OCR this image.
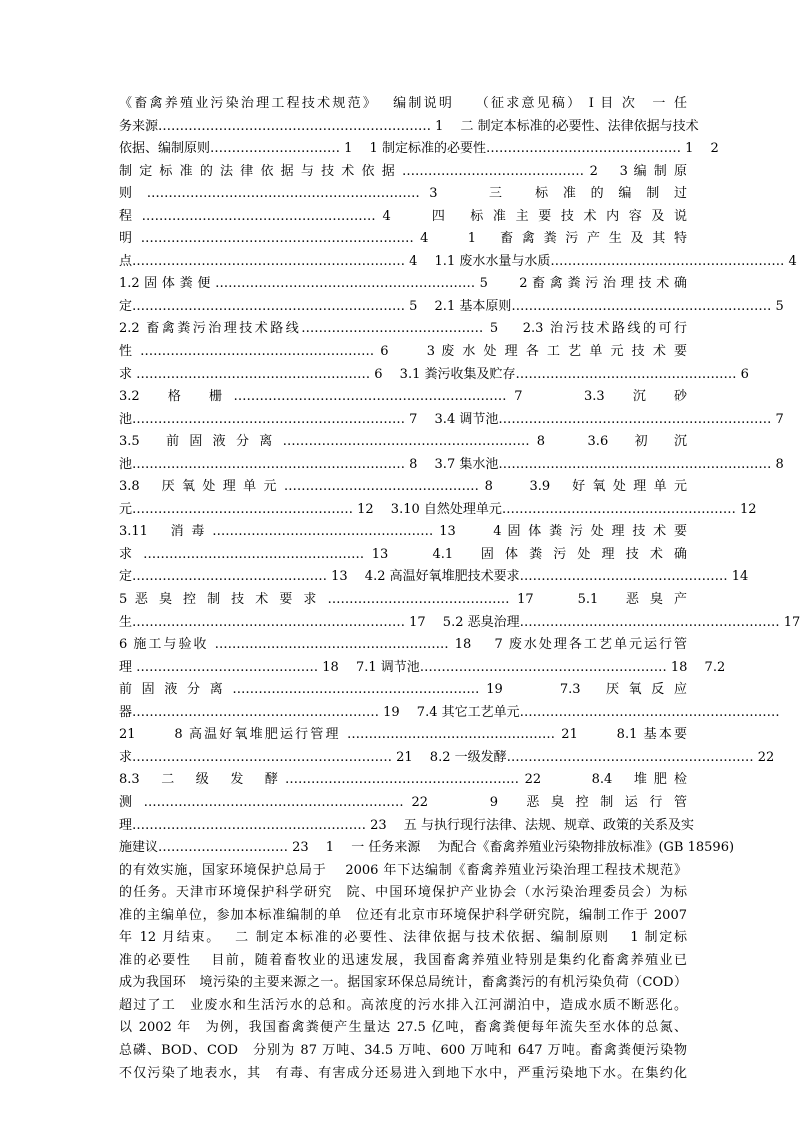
《畜禽养殖业污染治理工程技术规范》　 编制说明　 （征求意见稿） I 目 次　一 任
务来源……………………………………………………… 1　 二 制定本标准的必要性、法律依据与技术
依据、编制原则………………………… 1　 1 制定标准的必要性……………………………………… 1　 2
制 定 标 准 的 法 律 依 据 与 技 术 依 据 …………………………………… 2　 3 编 制 原
则 ……………………………………………………… 3　　 三　 标 准 的 编 制 过
程 ……………………………………………… 4　　 四　 标 准 主 要 技 术 内 容 及 说
明 ……………………………………………………… 4　　 1　 畜 禽 粪 污 产 生 及 其 特
点……………………………………………………… 4　 1.1 废水水量与水质……………………………………………… 4
1.2 固 体 粪 便 …………………………………………………… 5　　 2 畜 禽 粪 污 治 理 技 术 确
定……………………………………………………… 5　 2.1 基本原则…………………………………………………… 5
2.2 畜禽粪污治理技术路线…………………………………… 5　 2.3 治污技术路线的可行
性 ……………………………………………… 6　　 3 废 水 处 理 各 工 艺 单 元 技 术 要
求 ……………………………………………… 6　 3.1 粪污收集及贮存…………………………………………… 6
3.2　 格　 栅 ……………………………………………………… 7　　　 3.3　 沉　 砂
池……………………………………………………… 7　 3.4 调节池……………………………………………………… 7
3.5　 前 固 液 分 离 ………………………………………………… 8　　 3.6　 初　 沉
池……………………………………………………… 8　 3.7 集水池……………………………………………………… 8
3.8　 厌 氧 处 理 单 元 ……………………………………… 8　　 3.9　 好 氧 处 理 单 元
元…………………………………………… 12　 3.10 自然处理单元……………………………………………… 12
3.11　 消 毒 …………………………………………… 13　　 4 固 体 粪 污 处 理 技 术 要
求 …………………………………………… 13　　 4.1　 固 体 粪 污 处 理 技 术 确
定……………………………………… 13　 4.2 高温好氧堆肥技术要求………………………………………… 14
5 恶 臭 控 制 技 术 要 求 …………………………………… 17　　 5.1　 恶 臭 产
生……………………………………………………… 17　 5.2 恶臭治理…………………………………………………… 17
6 施工与验收 ……………………………………………… 18　 7 废水处理各工艺单元运行管
理 …………………………………… 18　 7.1 调节池………………………………………………… 18　 7.2
前 固 液 分 离 ………………………………………………… 19　　　 7.3　 厌 氧 反 应
器………………………………………………… 19　 7.4 其它工艺单元……………………………………………………
21　　 8 高温好氧堆肥运行管理 ………………………………………… 21　　 8.1 基本要
求…………………………………………………… 21　 8.2 一级发酵………………………………………………… 22
8.3　 二　 级　 发　 酵 ……………………………………………… 22　　　 8.4　 堆 肥 检
测 …………………………………………………… 22　　　 9　 恶 臭 控 制 运 行 管
理……………………………………………… 23　 五 与执行现行法律、法规、规章、政策的关系及实
施建议………………………… 23　 1　 一 任务来源　 为配合《畜禽养殖业污染物排放标准》(GB 18596)
的有效实施，国家环境保护总局于　 2006 年下达编制《畜禽养殖业污染治理工程技术规范》
的任务。天津市环境保护科学研究　院、中国环境保护产业协会（水污染治理委员会）为标
准的主编单位，参加本标准编制的单　位还有北京市环境保护科学研究院，编制工作于 2007
年 12 月结束。　 二 制定本标准的必要性、法律依据与技术依据、编制原则　 1 制定标
准的必要性　 目前，随着畜牧业的迅速发展，我国畜禽养殖业特别是集约化畜禽养殖业已
成为我国环　境污染的主要来源之一。据国家环保总局统计，畜禽粪污的有机污染负荷（COD）
超过了工　业废水和生活污水的总和。高浓度的污水排入江河湖泊中，造成水质不断恶化。
以 2002 年　为例，我国畜禽粪便产生量达 27.5 亿吨，畜禽粪便每年流失至水体的总氮、
总磷、BOD、COD　分别为 87 万吨、34.5 万吨、600 万吨和 647 万吨。畜禽粪便污染物
不仅污染了地表水，其　有毒、有害成分还易进入到地下水中，严重污染地下水。在集约化
